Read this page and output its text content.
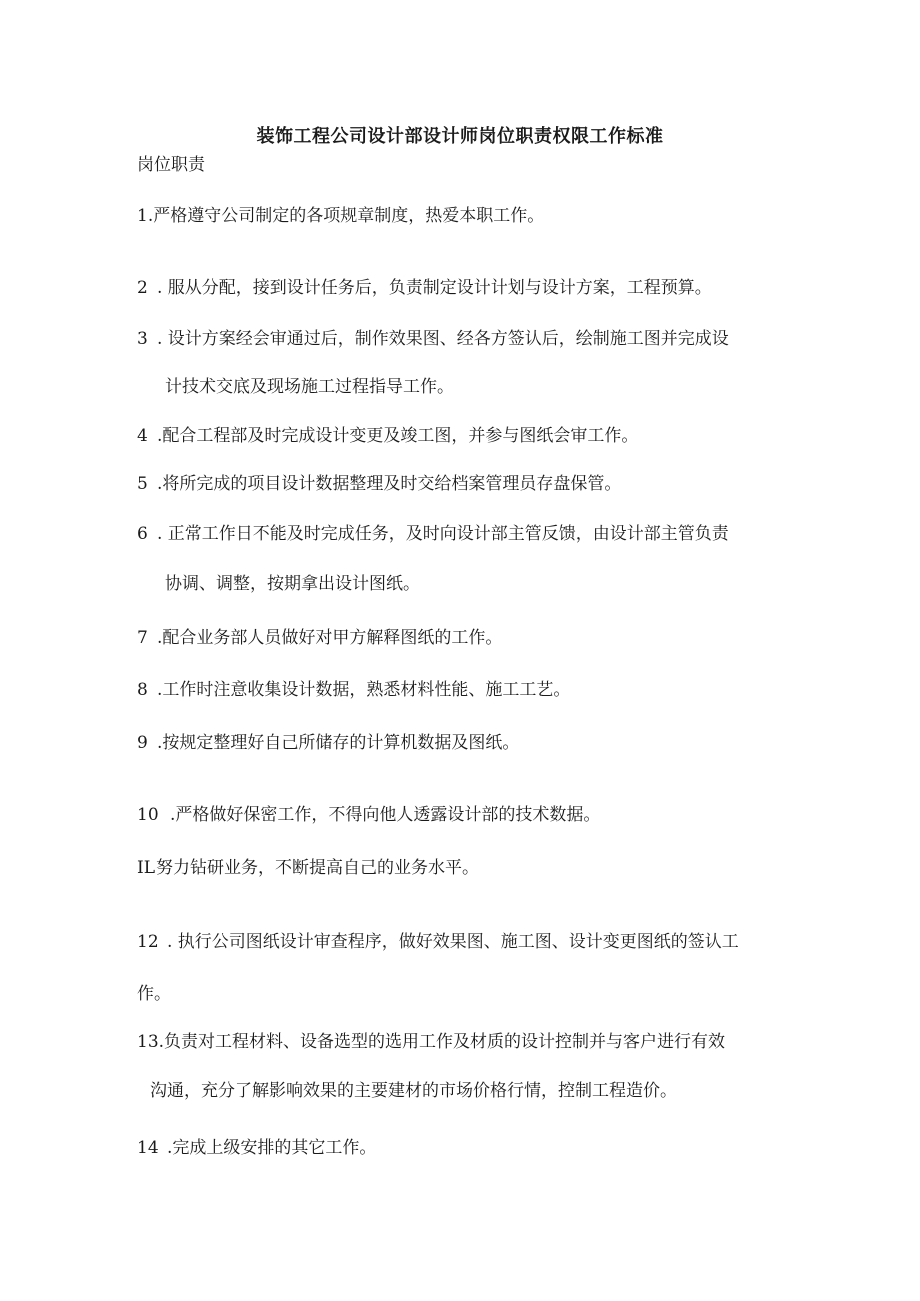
装饰工程公司设计部设计师岗位职责权限工作标准
岗位职责
1.严格遵守公司制定的各项规章制度，热爱本职工作。
2 . 服从分配，接到设计任务后，负责制定设计计划与设计方案，工程预算。
3 . 设计方案经会审通过后，制作效果图、经各方签认后，绘制施工图并完成设
计技术交底及现场施工过程指导工作。
4 .配合工程部及时完成设计变更及竣工图，并参与图纸会审工作。
5 .将所完成的项目设计数据整理及时交给档案管理员存盘保管。
6 . 正常工作日不能及时完成任务，及时向设计部主管反馈，由设计部主管负责
协调、调整，按期拿出设计图纸。
7 .配合业务部人员做好对甲方解释图纸的工作。
8 .工作时注意收集设计数据，熟悉材料性能、施工工艺。
9 .按规定整理好自己所储存的计算机数据及图纸。
10 .严格做好保密工作，不得向他人透露设计部的技术数据。
IL努力钻研业务，不断提高自己的业务水平。
12 . 执行公司图纸设计审查程序，做好效果图、施工图、设计变更图纸的签认工
作。
13.负责对工程材料、设备选型的选用工作及材质的设计控制并与客户进行有效
沟通，充分了解影响效果的主要建材的市场价格行情，控制工程造价。
14 .完成上级安排的其它工作。
